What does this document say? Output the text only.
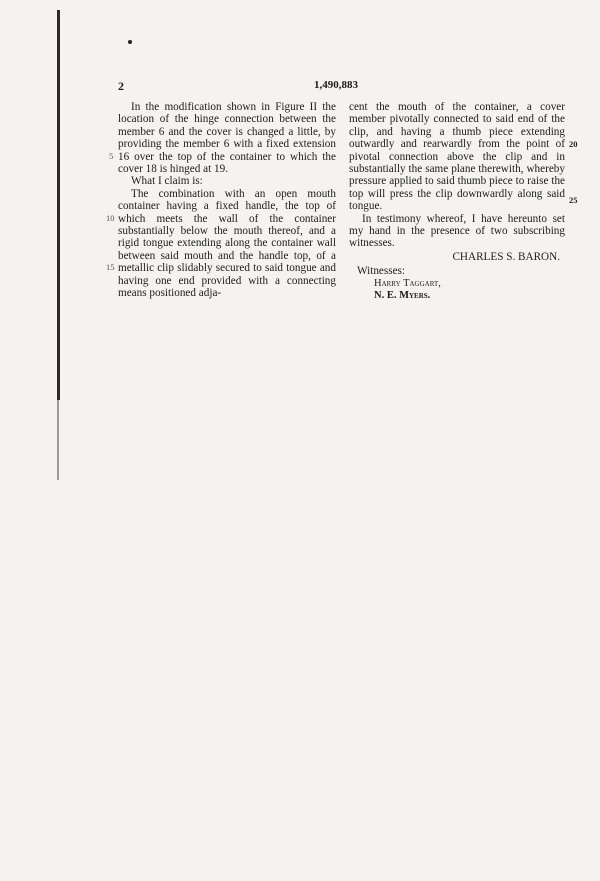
2	1,490,883
5
10
15
20
25

In the modification shown in Figure II the location of the hinge connection between the member 6 and the cover is changed a little, by providing the member 6 with a fixed extension 16 over the top of the container to which the cover 18 is hinged at 19.

What I claim is:

The combination with an open mouth container having a fixed handle, the top of which meets the wall of the container substantially below the mouth thereof, and a rigid tongue extending along the container wall between said mouth and the handle top, of a metallic clip slidably secured to said tongue and having one end provided with a connecting means positioned adja-

cent the mouth of the container, a cover member pivotally connected to said end of the clip, and having a thumb piece extending outwardly and rearwardly from the point of pivotal connection above the clip and in substantially the same plane therewith, whereby pressure applied to said thumb piece to raise the top will press the clip downwardly along said tongue.

In testimony whereof, I have hereunto set my hand in the presence of two subscribing witnesses.

CHARLES S. BARON.
Witnesses:
Harry Taggart,
N. E. Myers.
